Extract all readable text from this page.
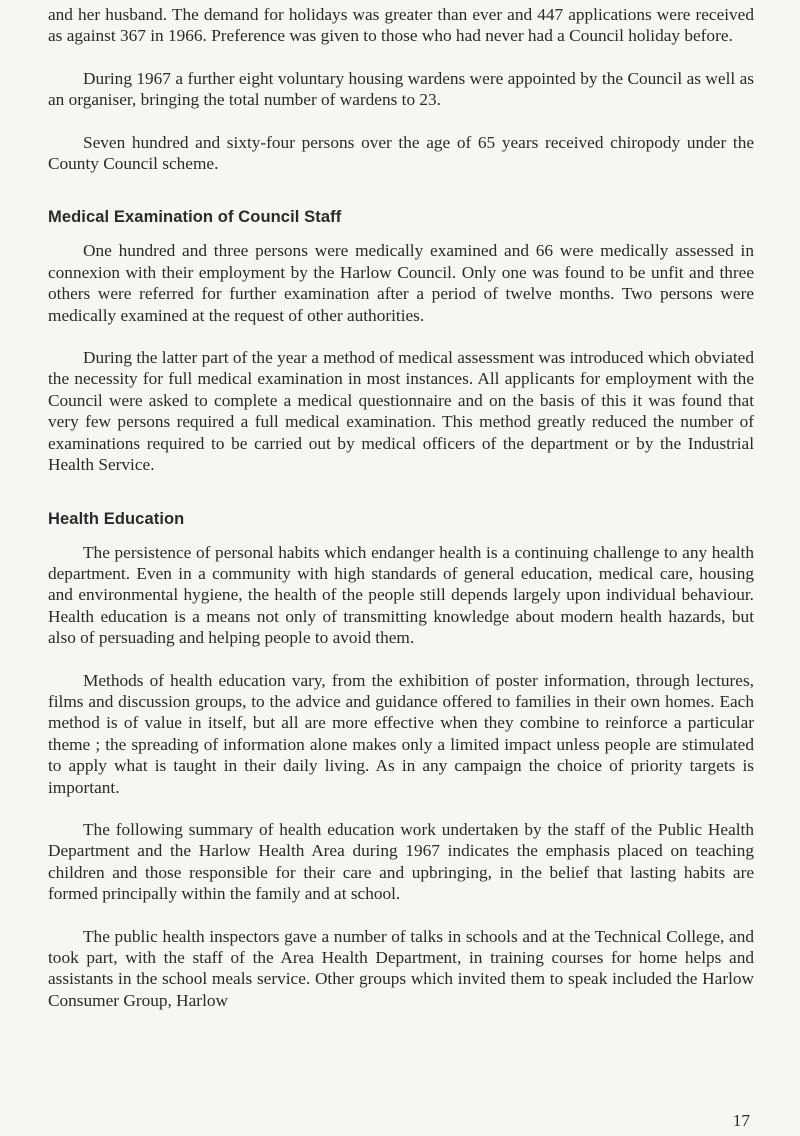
and her husband. The demand for holidays was greater than ever and 447 applications were received as against 367 in 1966. Preference was given to those who had never had a Council holiday before.

During 1967 a further eight voluntary housing wardens were appointed by the Council as well as an organiser, bringing the total number of wardens to 23.

Seven hundred and sixty-four persons over the age of 65 years received chiropody under the County Council scheme.

Medical Examination of Council Staff

One hundred and three persons were medically examined and 66 were medically assessed in connexion with their employment by the Harlow Council. Only one was found to be unfit and three others were referred for further examination after a period of twelve months. Two persons were medically examined at the request of other authorities.

During the latter part of the year a method of medical assessment was introduced which obviated the necessity for full medical examination in most instances. All applicants for employment with the Council were asked to complete a medical questionnaire and on the basis of this it was found that very few persons required a full medical examination. This method greatly reduced the number of examinations required to be carried out by medical officers of the department or by the Industrial Health Service.

Health Education

The persistence of personal habits which endanger health is a continuing challenge to any health department. Even in a community with high standards of general education, medical care, housing and environmental hygiene, the health of the people still depends largely upon individual behaviour. Health education is a means not only of transmitting knowledge about modern health hazards, but also of persuading and helping people to avoid them.

Methods of health education vary, from the exhibition of poster information, through lectures, films and discussion groups, to the advice and guidance offered to families in their own homes. Each method is of value in itself, but all are more effective when they combine to reinforce a particular theme ; the spreading of information alone makes only a limited impact unless people are stimulated to apply what is taught in their daily living. As in any campaign the choice of priority targets is important.

The following summary of health education work undertaken by the staff of the Public Health Department and the Harlow Health Area during 1967 indicates the emphasis placed on teaching children and those responsible for their care and upbringing, in the belief that lasting habits are formed principally within the family and at school.

The public health inspectors gave a number of talks in schools and at the Technical College, and took part, with the staff of the Area Health Department, in training courses for home helps and assistants in the school meals service. Other groups which invited them to speak included the Harlow Consumer Group, Harlow

17
